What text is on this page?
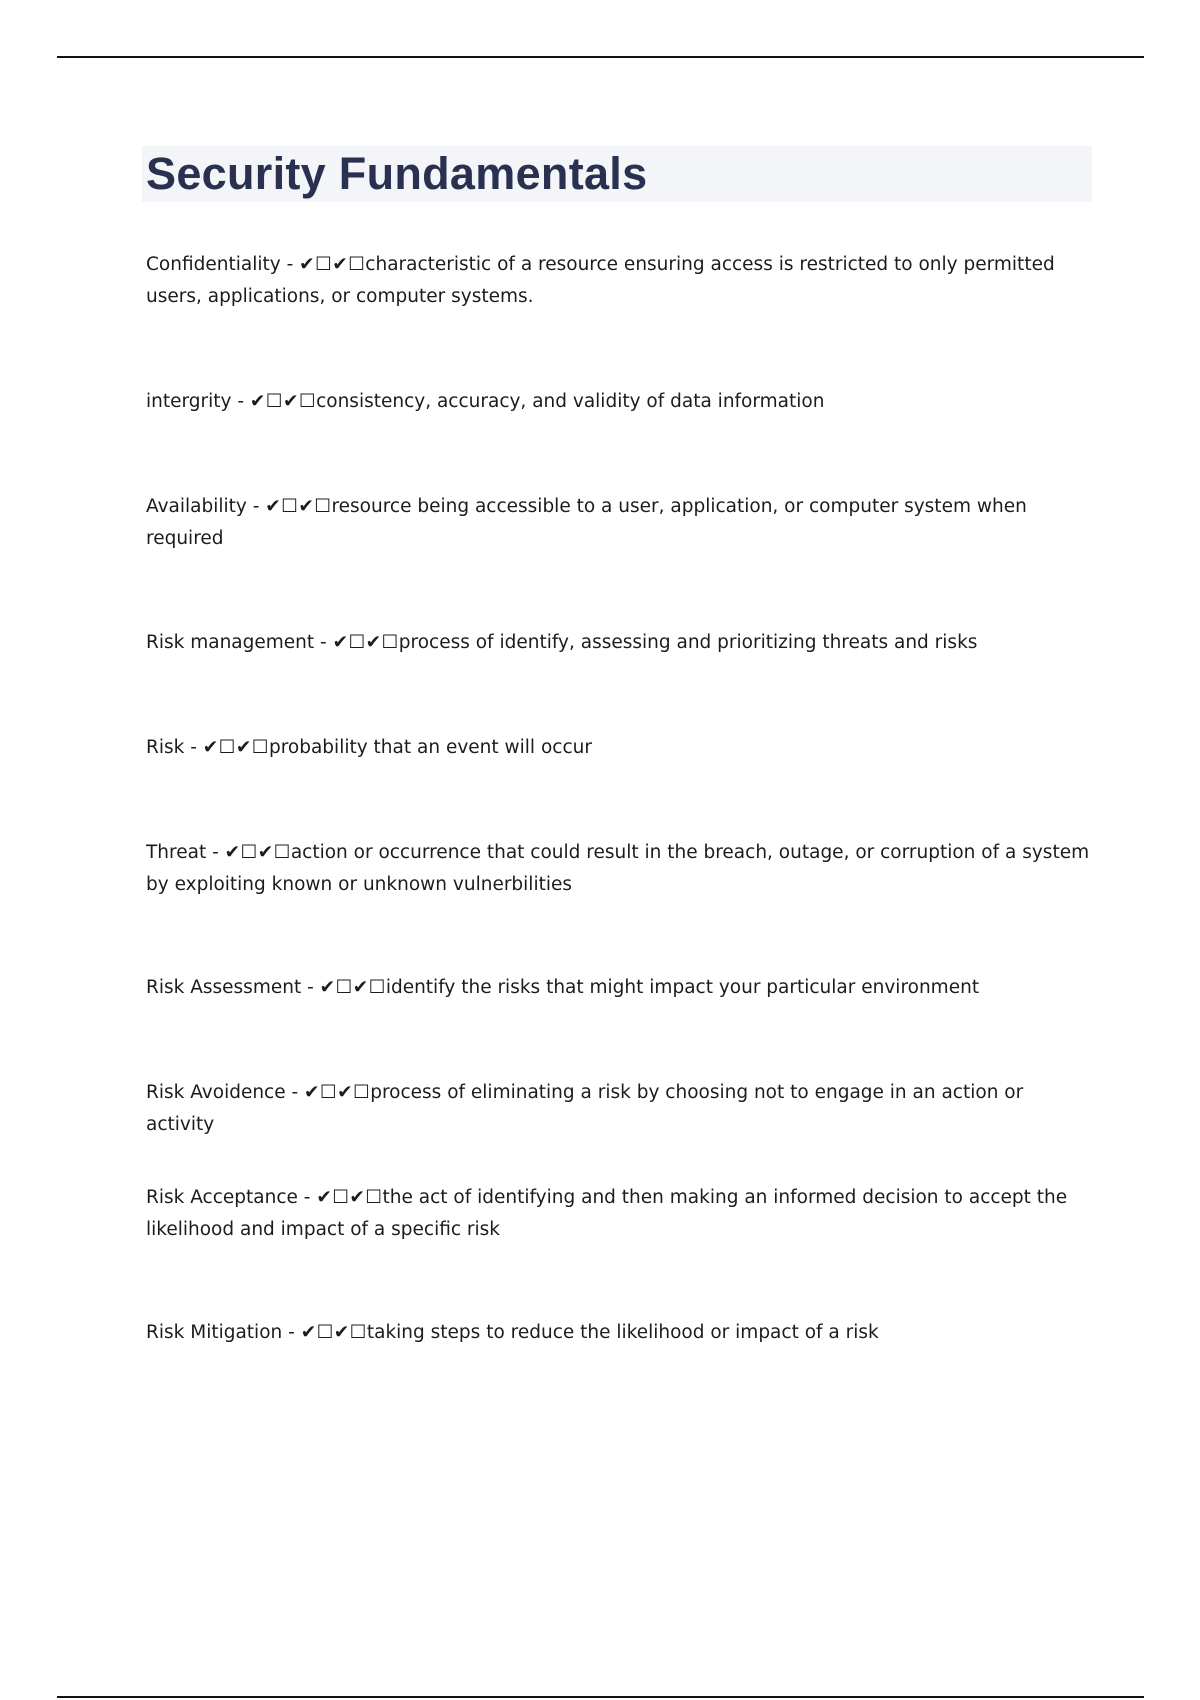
Security Fundamentals

Confidentiality - ✔☐✔☐characteristic of a resource ensuring access is restricted to only permitted users, applications, or computer systems.

intergrity - ✔☐✔☐consistency, accuracy, and validity of data information

Availability - ✔☐✔☐resource being accessible to a user, application, or computer system when required

Risk management - ✔☐✔☐process of identify, assessing and prioritizing threats and risks

Risk - ✔☐✔☐probability that an event will occur

Threat - ✔☐✔☐action or occurrence that could result in the breach, outage, or corruption of a system by exploiting known or unknown vulnerbilities

Risk Assessment - ✔☐✔☐identify the risks that might impact your particular environment

Risk Avoidence - ✔☐✔☐process of eliminating a risk by choosing not to engage in an action or activity

Risk Acceptance - ✔☐✔☐the act of identifying and then making an informed decision to accept the likelihood and impact of a specific risk

Risk Mitigation - ✔☐✔☐taking steps to reduce the likelihood or impact of a risk
